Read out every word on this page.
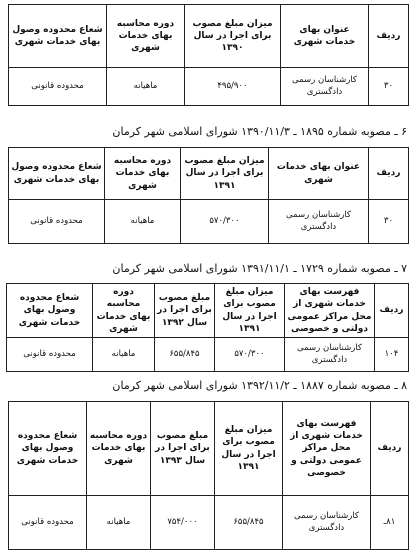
ردیف	عنوان بهای خدمات شهری	میزان مبلغ مصوب برای اجرا در سال ۱۳۹۰	دوره محاسبه بهای خدمات شهری	شعاع محدوده وصول بهای خدمات شهری
۳۰	کارشناسان رسمی دادگستری	۴۹۵/۹۰۰	ماهیانه	محدوده قانونی
۶ ـ مصوبه شماره ۱۸۹۵ ـ ۱۳۹۰/۱۱/۳ شورای اسلامی شهر کرمان
ردیف	عنوان بهای خدمات شهری	میزان مبلغ مصوب برای اجرا در سال ۱۳۹۱	دوره محاسبه بهای خدمات شهری	شعاع محدوده وصول بهای خدمات شهری
۳۰	کارشناسان رسمی دادگستری	۵۷۰/۳۰۰	ماهیانه	محدوده قانونی
۷ ـ مصوبه شماره ۱۷۲۹ ـ ۱۳۹۱/۱۱/۱ شورای اسلامی شهر کرمان
ردیف	فهرست بهای خدمات شهری از محل مراکز عمومی دولتی و خصوصی	میزان مبلغ مصوب برای اجرا در سال ۱۳۹۱	مبلغ مصوب برای اجرا در سال ۱۳۹۲	دوره محاسبه بهای خدمات شهری	شعاع محدوده وصول بهای خدمات شهری
۱۰۴	کارشناسان رسمی دادگستری	۵۷۰/۳۰۰	۶۵۵/۸۴۵	ماهیانه	محدوده قانونی
۸ ـ مصوبه شماره ۱۸۸۷ ـ ۱۳۹۲/۱۱/۲ شورای اسلامی شهر کرمان
ردیف	فهرست بهای خدمات شهری از محل مراکز عمومی دولتی و خصوصی	میزان مبلغ مصوب برای اجرا در سال ۱۳۹۱	مبلغ مصوب برای اجرا در سال ۱۳۹۳	دوره محاسبه بهای خدمات شهری	شعاع محدوده وصول بهای خدمات شهری
۸۱ـ	کارشناسان رسمی دادگستری	۶۵۵/۸۴۵	۷۵۴/۰۰۰	ماهیانه	محدوده قانونی
